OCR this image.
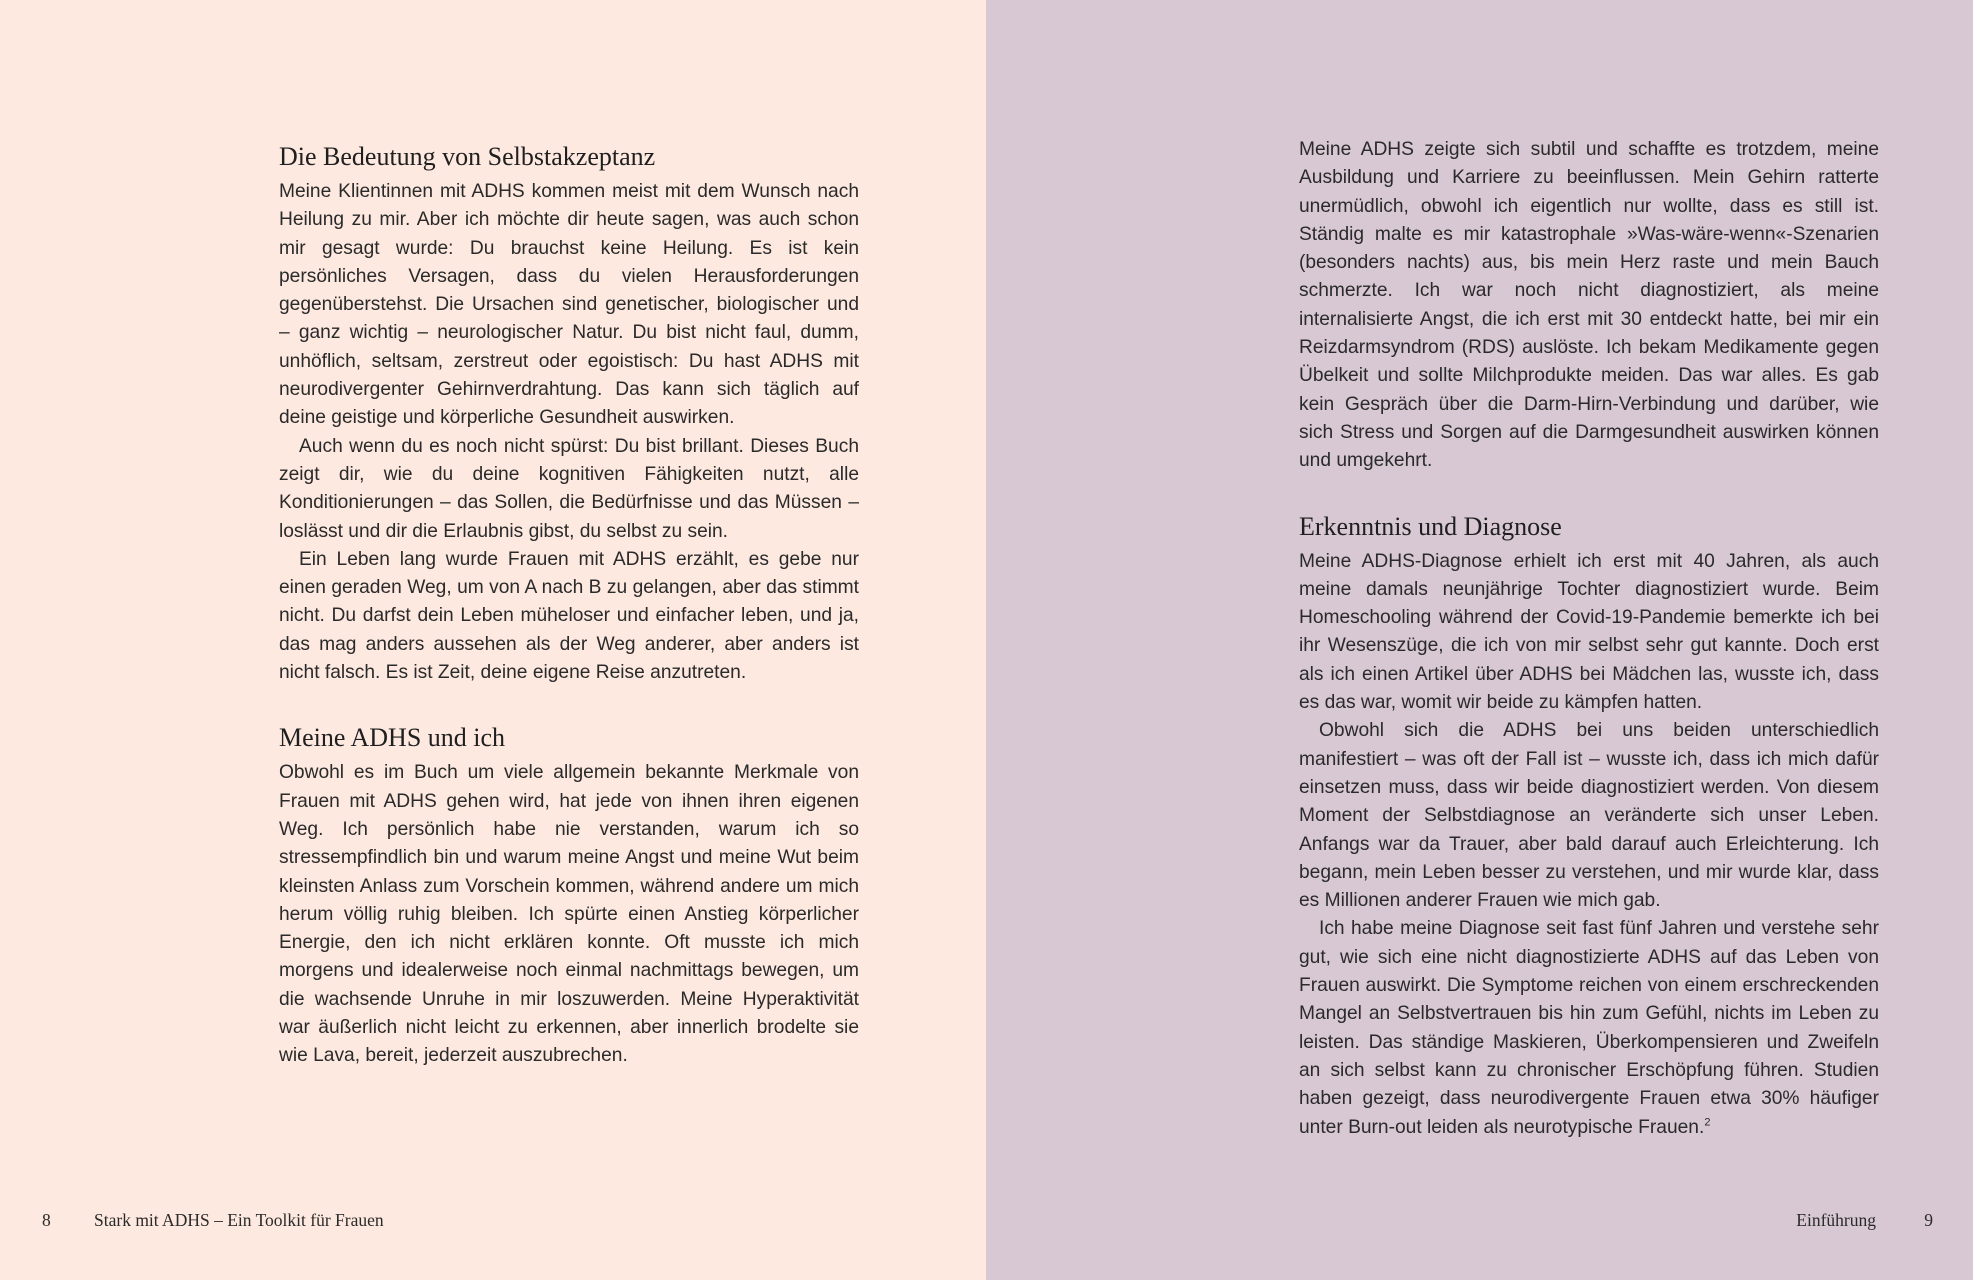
Die Bedeutung von Selbstakzeptanz

Meine Klientinnen mit ADHS kommen meist mit dem Wunsch nach Heilung zu mir. Aber ich möchte dir heute sagen, was auch schon mir gesagt wurde: Du brauchst keine Heilung. Es ist kein persönliches Versagen, dass du vielen Herausforderungen gegenüberstehst. Die Ursachen sind genetischer, biologischer und – ganz wichtig – neurologischer Natur. Du bist nicht faul, dumm, unhöflich, seltsam, zerstreut oder egoistisch: Du hast ADHS mit neurodivergenter Gehirnverdrahtung. Das kann sich täglich auf deine geistige und körperliche Gesundheit auswirken.

Auch wenn du es noch nicht spürst: Du bist brillant. Dieses Buch zeigt dir, wie du deine kognitiven Fähigkeiten nutzt, alle Konditionierungen – das Sollen, die Bedürfnisse und das Müssen – loslässt und dir die Erlaubnis gibst, du selbst zu sein.

Ein Leben lang wurde Frauen mit ADHS erzählt, es gebe nur einen geraden Weg, um von A nach B zu gelangen, aber das stimmt nicht. Du darfst dein Leben müheloser und einfacher leben, und ja, das mag anders aussehen als der Weg anderer, aber anders ist nicht falsch. Es ist Zeit, deine eigene Reise anzutreten.

Meine ADHS und ich

Obwohl es im Buch um viele allgemein bekannte Merkmale von Frauen mit ADHS gehen wird, hat jede von ihnen ihren eigenen Weg. Ich persönlich habe nie verstanden, warum ich so stressempfindlich bin und warum meine Angst und meine Wut beim kleinsten Anlass zum Vorschein kommen, während andere um mich herum völlig ruhig bleiben. Ich spürte einen Anstieg körperlicher Energie, den ich nicht erklären konnte. Oft musste ich mich morgens und idealerweise noch einmal nachmittags bewegen, um die wachsende Unruhe in mir loszuwerden. Meine Hyperaktivität war äußerlich nicht leicht zu erkennen, aber innerlich brodelte sie wie Lava, bereit, jederzeit auszubrechen.

8 Stark mit ADHS – Ein Toolkit für Frauen

Meine ADHS zeigte sich subtil und schaffte es trotzdem, meine Ausbildung und Karriere zu beeinflussen. Mein Gehirn ratterte unermüdlich, obwohl ich eigentlich nur wollte, dass es still ist. Ständig malte es mir katastrophale »Was-wäre-wenn«-Szenarien (besonders nachts) aus, bis mein Herz raste und mein Bauch schmerzte. Ich war noch nicht diagnostiziert, als meine internalisierte Angst, die ich erst mit 30 entdeckt hatte, bei mir ein Reizdarmsyndrom (RDS) auslöste. Ich bekam Medikamente gegen Übelkeit und sollte Milchprodukte meiden. Das war alles. Es gab kein Gespräch über die Darm-Hirn-Verbindung und darüber, wie sich Stress und Sorgen auf die Darmgesundheit auswirken können und umgekehrt.

Erkenntnis und Diagnose

Meine ADHS-Diagnose erhielt ich erst mit 40 Jahren, als auch meine damals neunjährige Tochter diagnostiziert wurde. Beim Homeschooling während der Covid-19-Pandemie bemerkte ich bei ihr Wesenszüge, die ich von mir selbst sehr gut kannte. Doch erst als ich einen Artikel über ADHS bei Mädchen las, wusste ich, dass es das war, womit wir beide zu kämpfen hatten.

Obwohl sich die ADHS bei uns beiden unterschiedlich manifestiert – was oft der Fall ist – wusste ich, dass ich mich dafür einsetzen muss, dass wir beide diagnostiziert werden. Von diesem Moment der Selbstdiagnose an veränderte sich unser Leben. Anfangs war da Trauer, aber bald darauf auch Erleichterung. Ich begann, mein Leben besser zu verstehen, und mir wurde klar, dass es Millionen anderer Frauen wie mich gab.

Ich habe meine Diagnose seit fast fünf Jahren und verstehe sehr gut, wie sich eine nicht diagnostizierte ADHS auf das Leben von Frauen auswirkt. Die Symptome reichen von einem erschreckenden Mangel an Selbstvertrauen bis hin zum Gefühl, nichts im Leben zu leisten. Das ständige Maskieren, Überkompensieren und Zweifeln an sich selbst kann zu chronischer Erschöpfung führen. Studien haben gezeigt, dass neurodivergente Frauen etwa 30% häufiger unter Burn-out leiden als neurotypische Frauen.$^2$

Einführung	9
